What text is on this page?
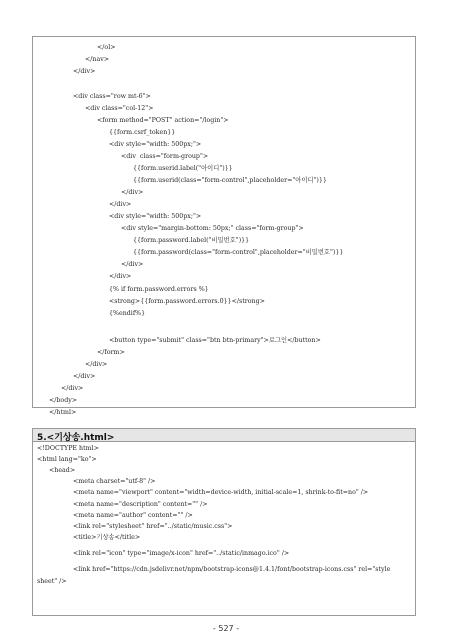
</ol>
</nav>
</div>
<div class="row mt-6">
<div class="col-12">
<form method="POST" action="/login">
{{form.csrf_token}}
<div style="width: 500px;">
<div  class="form-group">
{{form.userid.label("아이디")}}
{{form.userid(class="form-control",placeholder="아이디")}}
</div>
</div>
<div style="width: 500px;">
<div style="margin-bottom: 50px;" class="form-group">
{{form.password.label("비밀번호")}}
{{form.password(class="form-control",placeholder="비밀번호")}}
</div>
</div>
{% if form.password.errors %}
<strong>{{form.password.errors.0}}</strong>
{%endif%}
<button type="submit" class="btn btn-primary">로그인</button>
</form>
</div>
</div>
</div>
</body>
</html>
5.<기상송.html>
<!DOCTYPE html>
<html lang="ko">
<head>
<meta charset="utf-8" />
<meta name="viewport" content="width=device-width, initial-scale=1, shrink-to-fit=no" />
<meta name="description" content="" />
<meta name="author" content="" />
<link rel="stylesheet" href="../static/music.css">
<title>기상송</title>
<link rel="icon" type="image/x-icon" href="../static/inmago.ico" />
<link href="https://cdn.jsdelivr.net/npm/bootstrap-icons@1.4.1/font/bootstrap-icons.css" rel="style
sheet" />
- 527 -
